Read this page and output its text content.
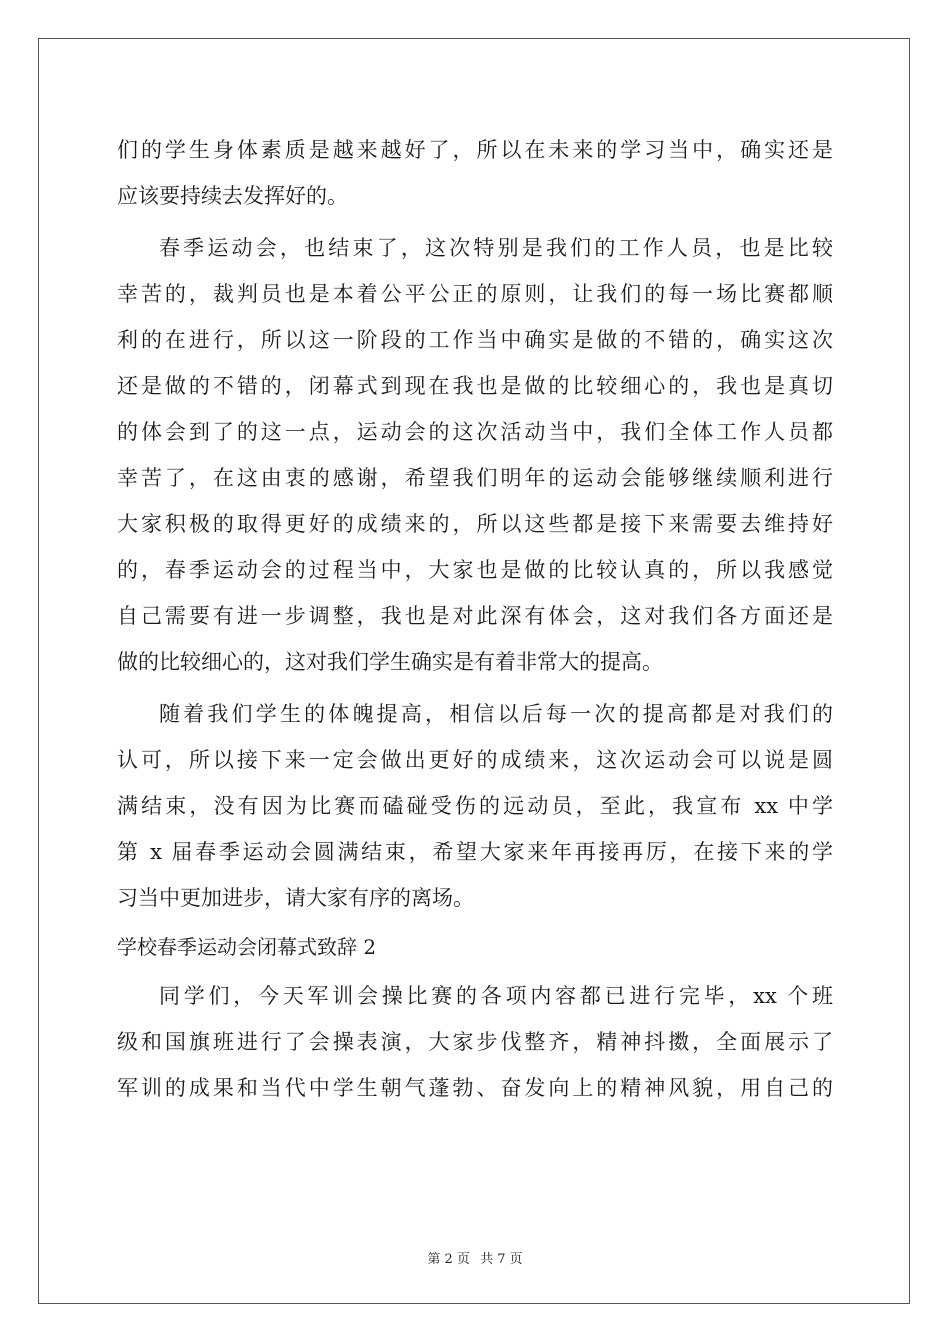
们的学生身体素质是越来越好了，所以在未来的学习当中，确实还是
应该要持续去发挥好的。
春季运动会，也结束了，这次特别是我们的工作人员，也是比较
幸苦的，裁判员也是本着公平公正的原则，让我们的每一场比赛都顺
利的在进行，所以这一阶段的工作当中确实是做的不错的，确实这次
还是做的不错的，闭幕式到现在我也是做的比较细心的，我也是真切
的体会到了的这一点，运动会的这次活动当中，我们全体工作人员都
幸苦了，在这由衷的感谢，希望我们明年的运动会能够继续顺利进行
大家积极的取得更好的成绩来的，所以这些都是接下来需要去维持好
的，春季运动会的过程当中，大家也是做的比较认真的，所以我感觉
自己需要有进一步调整，我也是对此深有体会，这对我们各方面还是
做的比较细心的，这对我们学生确实是有着非常大的提高。
随着我们学生的体魄提高，相信以后每一次的提高都是对我们的
认可，所以接下来一定会做出更好的成绩来，这次运动会可以说是圆
满结束，没有因为比赛而磕碰受伤的远动员，至此，我宣布 xx 中学
第 x 届春季运动会圆满结束，希望大家来年再接再厉，在接下来的学
习当中更加进步，请大家有序的离场。
学校春季运动会闭幕式致辞 2
同学们，今天军训会操比赛的各项内容都已进行完毕，xx 个班
级和国旗班进行了会操表演，大家步伐整齐，精神抖擞，全面展示了
军训的成果和当代中学生朝气蓬勃、奋发向上的精神风貌，用自己的
第 2 页 共 7 页
